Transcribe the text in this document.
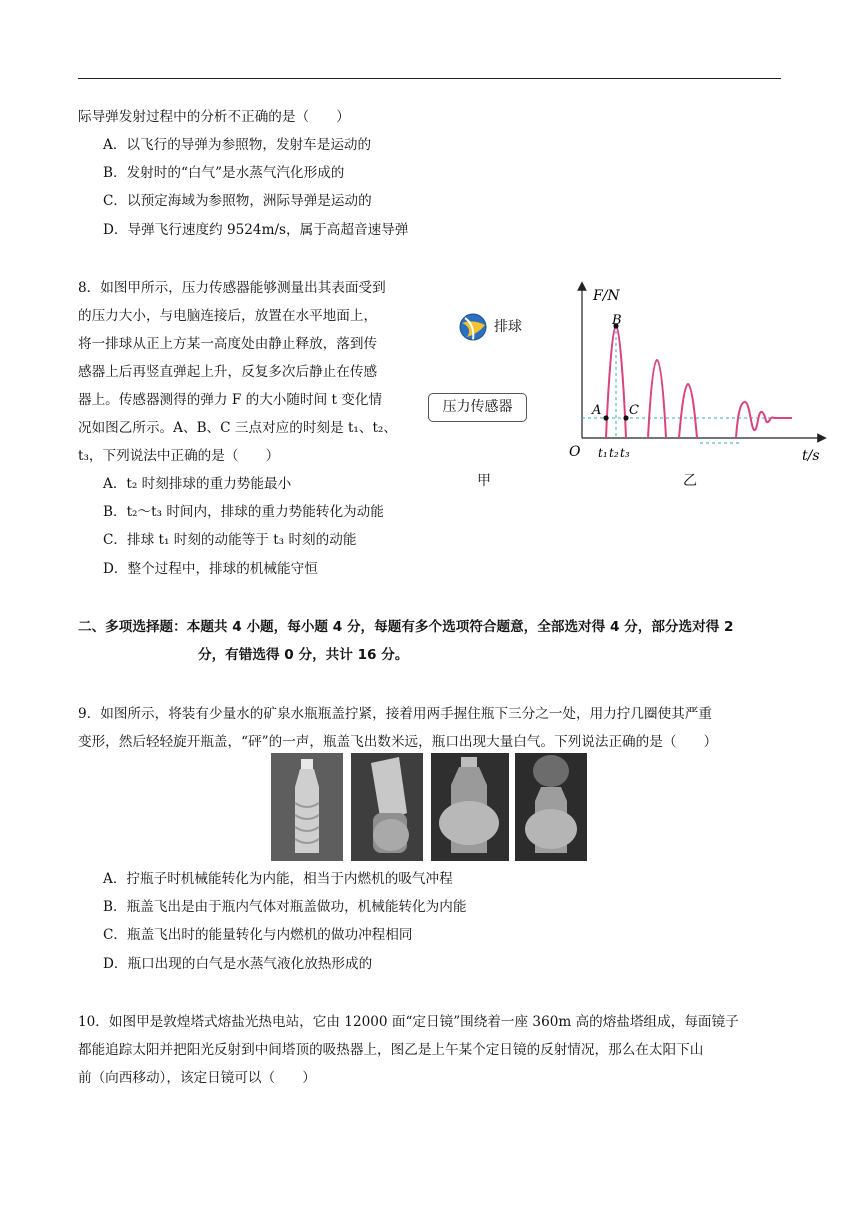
际导弹发射过程中的分析不正确的是（　　）
A．以飞行的导弹为参照物，发射车是运动的
B．发射时的“白气”是水蒸气汽化形成的
C．以预定海域为参照物，洲际导弹是运动的
D．导弹飞行速度约 9524m/s，属于高超音速导弹
8．如图甲所示，压力传感器能够测量出其表面受到
的压力大小，与电脑连接后，放置在水平地面上，
将一排球从正上方某一高度处由静止释放，落到传
感器上后再竖直弹起上升，反复多次后静止在传感
器上。传感器测得的弹力 F 的大小随时间 t 变化情
况如图乙所示。A、B、C 三点对应的时刻是 t₁、t₂、
t₃，下列说法中正确的是（　　）
A．t₂ 时刻排球的重力势能最小
B．t₂～t₃ 时间内，排球的重力势能转化为动能
C．排球 t₁ 时刻的动能等于 t₃ 时刻的动能
D．整个过程中，排球的机械能守恒
排球
压力传感器
甲
F/N
B
A C
O t₁ t₂ t₃	t/s
乙
二、多项选择题：本题共 4 小题，每小题 4 分，每题有多个选项符合题意，全部选对得 4 分，部分选对得 2
分，有错选得 0 分，共计 16 分。
9．如图所示，将装有少量水的矿泉水瓶瓶盖拧紧，接着用两手握住瓶下三分之一处，用力拧几圈使其严重
变形，然后轻轻旋开瓶盖，“砰”的一声，瓶盖飞出数米远，瓶口出现大量白气。下列说法正确的是（　　）
A．拧瓶子时机械能转化为内能，相当于内燃机的吸气冲程
B．瓶盖飞出是由于瓶内气体对瓶盖做功，机械能转化为内能
C．瓶盖飞出时的能量转化与内燃机的做功冲程相同
D．瓶口出现的白气是水蒸气液化放热形成的
10．如图甲是敦煌塔式熔盐光热电站，它由 12000 面“定日镜”围绕着一座 360m 高的熔盐塔组成，每面镜子
都能追踪太阳并把阳光反射到中间塔顶的吸热器上，图乙是上午某个定日镜的反射情况，那么在太阳下山
前（向西移动），该定日镜可以（　　）
